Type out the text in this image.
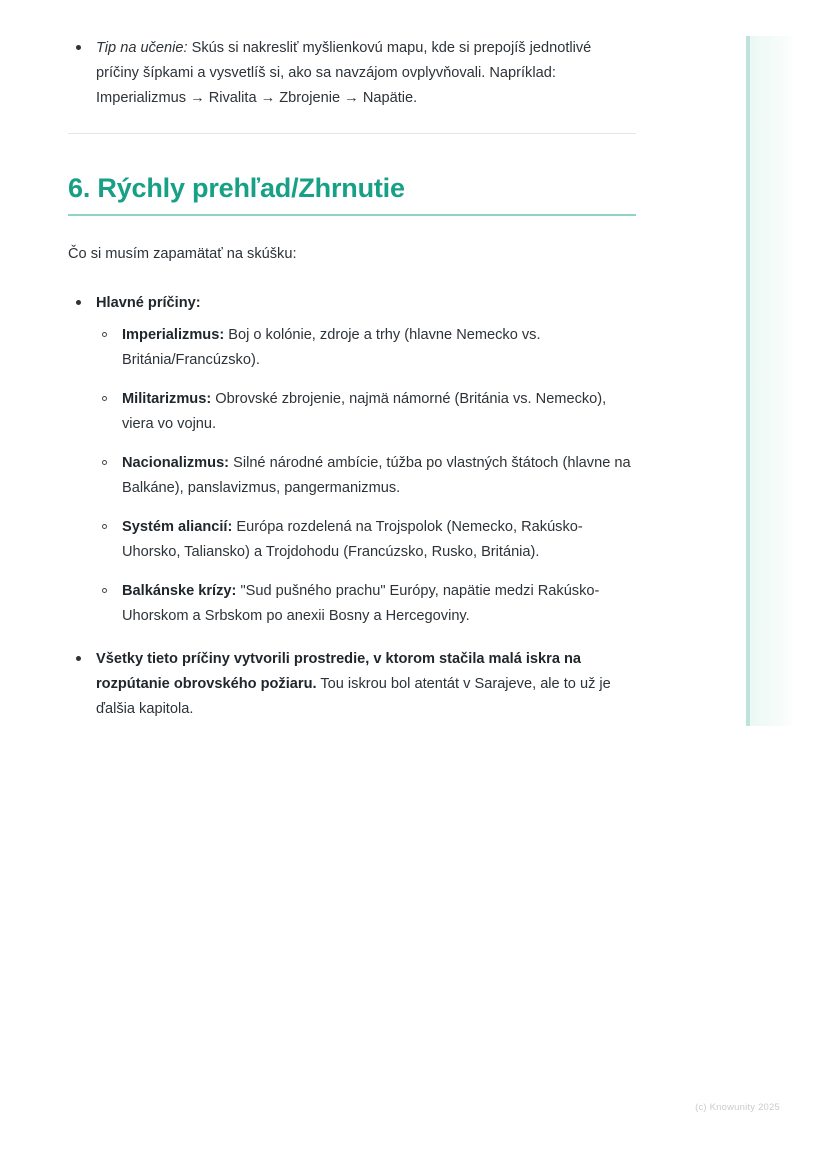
Tip na učenie: Skús si nakresliť myšlienkovú mapu, kde si prepojíš jednotlivé príčiny šípkami a vysvetlíš si, ako sa navzájom ovplyvňovali. Napríklad: Imperializmus → Rivalita → Zbrojenie → Napätie.
6. Rýchly prehľad/Zhrnutie

Čo si musím zapamätať na skúšku:

Hlavné príčiny:
Imperializmus: Boj o kolónie, zdroje a trhy (hlavne Nemecko vs. Británia/Francúzsko).
Militarizmus: Obrovské zbrojenie, najmä námorné (Británia vs. Nemecko), viera vo vojnu.
Nacionalizmus: Silné národné ambície, túžba po vlastných štátoch (hlavne na Balkáne), panslavizmus, pangermanizmus.
Systém aliancií: Európa rozdelená na Trojspolok (Nemecko, Rakúsko-Uhorsko, Taliansko) a Trojdohodu (Francúzsko, Rusko, Británia).
Balkánske krízy: "Sud pušného prachu" Európy, napätie medzi Rakúsko-Uhorskom a Srbskom po anexii Bosny a Hercegoviny.
Všetky tieto príčiny vytvorili prostredie, v ktorom stačila malá iskra na rozpútanie obrovského požiaru. Tou iskrou bol atentát v Sarajeve, ale to už je ďalšia kapitola.
(c) Knowunity 2025
